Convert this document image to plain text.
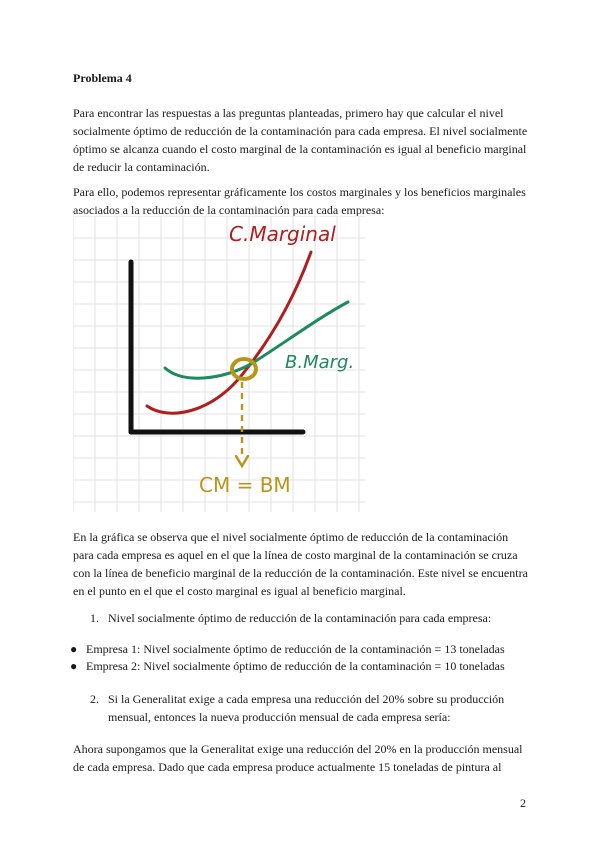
Problema 4

Para encontrar las respuestas a las preguntas planteadas, primero hay que calcular el nivel socialmente óptimo de reducción de la contaminación para cada empresa. El nivel socialmente óptimo se alcanza cuando el costo marginal de la contaminación es igual al beneficio marginal de reducir la contaminación.

Para ello, podemos representar gráficamente los costos marginales y los beneficios marginales asociados a la reducción de la contaminación para cada empresa:

C.Marginal
B.Marg.
CM = BM

En la gráfica se observa que el nivel socialmente óptimo de reducción de la contaminación para cada empresa es aquel en el que la línea de costo marginal de la contaminación se cruza con la línea de beneficio marginal de la reducción de la contaminación. Este nivel se encuentra en el punto en el que el costo marginal es igual al beneficio marginal.

1. Nivel socialmente óptimo de reducción de la contaminación para cada empresa:
● Empresa 1: Nivel socialmente óptimo de reducción de la contaminación = 13 toneladas
● Empresa 2: Nivel socialmente óptimo de reducción de la contaminación = 10 toneladas
2. Si la Generalitat exige a cada empresa una reducción del 20% sobre su producción mensual, entonces la nueva producción mensual de cada empresa sería:

Ahora supongamos que la Generalitat exige una reducción del 20% en la producción mensual de cada empresa. Dado que cada empresa produce actualmente 15 toneladas de pintura al

2
